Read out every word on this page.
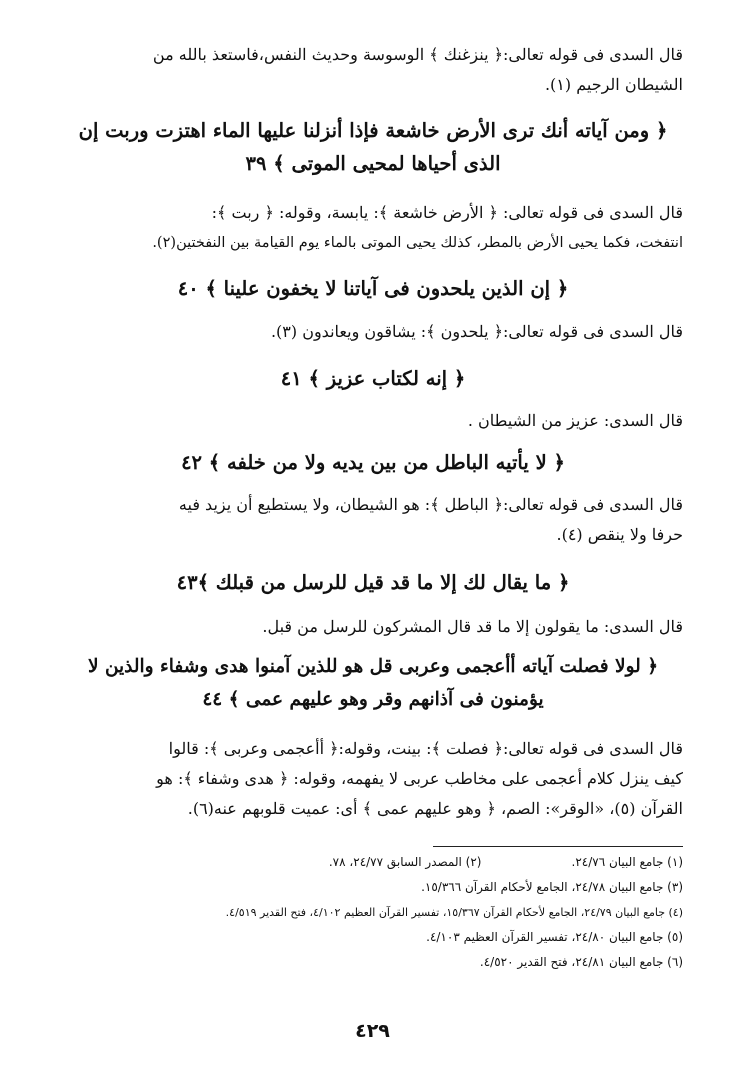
قال السدى فى قوله تعالى:﴿ ينزغنك ﴾ الوسوسة وحديث النفس،فاستعذ بالله من
الشيطان الرجيم (١).
﴿ ومن آياته أنك ترى الأرض خاشعة فإذا أنزلنا عليها الماء اهتزت وربت إن
الذى أحياها لمحيى الموتى ﴾ ٣٩
قال السدى فى قوله تعالى: ﴿ الأرض خاشعة ﴾: يابسة، وقوله: ﴿ ربت ﴾:
انتفخت، فكما يحيى الأرض بالمطر، كذلك يحيى الموتى بالماء يوم القيامة بين النفختين(٢).
﴿ إن الذين يلحدون فى آياتنا لا يخفون علينا ﴾ ٤٠
قال السدى فى قوله تعالى:﴿ يلحدون ﴾: يشاقون ويعاندون (٣).
﴿ إنه لكتاب عزيز ﴾ ٤١
قال السدى: عزيز من الشيطان .
﴿ لا يأتيه الباطل من بين يديه ولا من خلفه ﴾ ٤٢
قال السدى فى قوله تعالى:﴿ الباطل ﴾: هو الشيطان، ولا يستطيع أن يزيد فيه
حرفا ولا ينقص (٤).
﴿ ما يقال لك إلا ما قد قيل للرسل من قبلك ﴾٤٣
قال السدى: ما يقولون إلا ما قد قال المشركون للرسل من قبل.
﴿ لولا فصلت آياته أأعجمى وعربى قل هو للذين آمنوا هدى وشفاء والذين لا
يؤمنون فى آذانهم وقر وهو عليهم عمى ﴾ ٤٤
قال السدى فى قوله تعالى:﴿ فصلت ﴾: بينت، وقوله:﴿ أأعجمى وعربى ﴾: قالوا
كيف ينزل كلام أعجمى على مخاطب عربى لا يفهمه، وقوله: ﴿ هدى وشفاء ﴾: هو
القرآن (٥)، «الوقر»: الصم، ﴿ وهو عليهم عمى ﴾ أى: عميت قلوبهم عنه(٦).
(١) جامع البيان ٢٤/٧٦.
(٢) المصدر السابق ٢٤/٧٧، ٧٨.
(٣) جامع البيان ٢٤/٧٨، الجامع لأحكام القرآن ١٥/٣٦٦.
(٤) جامع البيان ٢٤/٧٩، الجامع لأحكام القرآن ١٥/٣٦٧، تفسير القرآن العظيم ٤/١٠٢، فتح القدير ٤/٥١٩.
(٥) جامع البيان ٢٤/٨٠، تفسير القرآن العظيم ٤/١٠٣.
(٦) جامع البيان ٢٤/٨١، فتح القدير ٤/٥٢٠.
٤٢٩
